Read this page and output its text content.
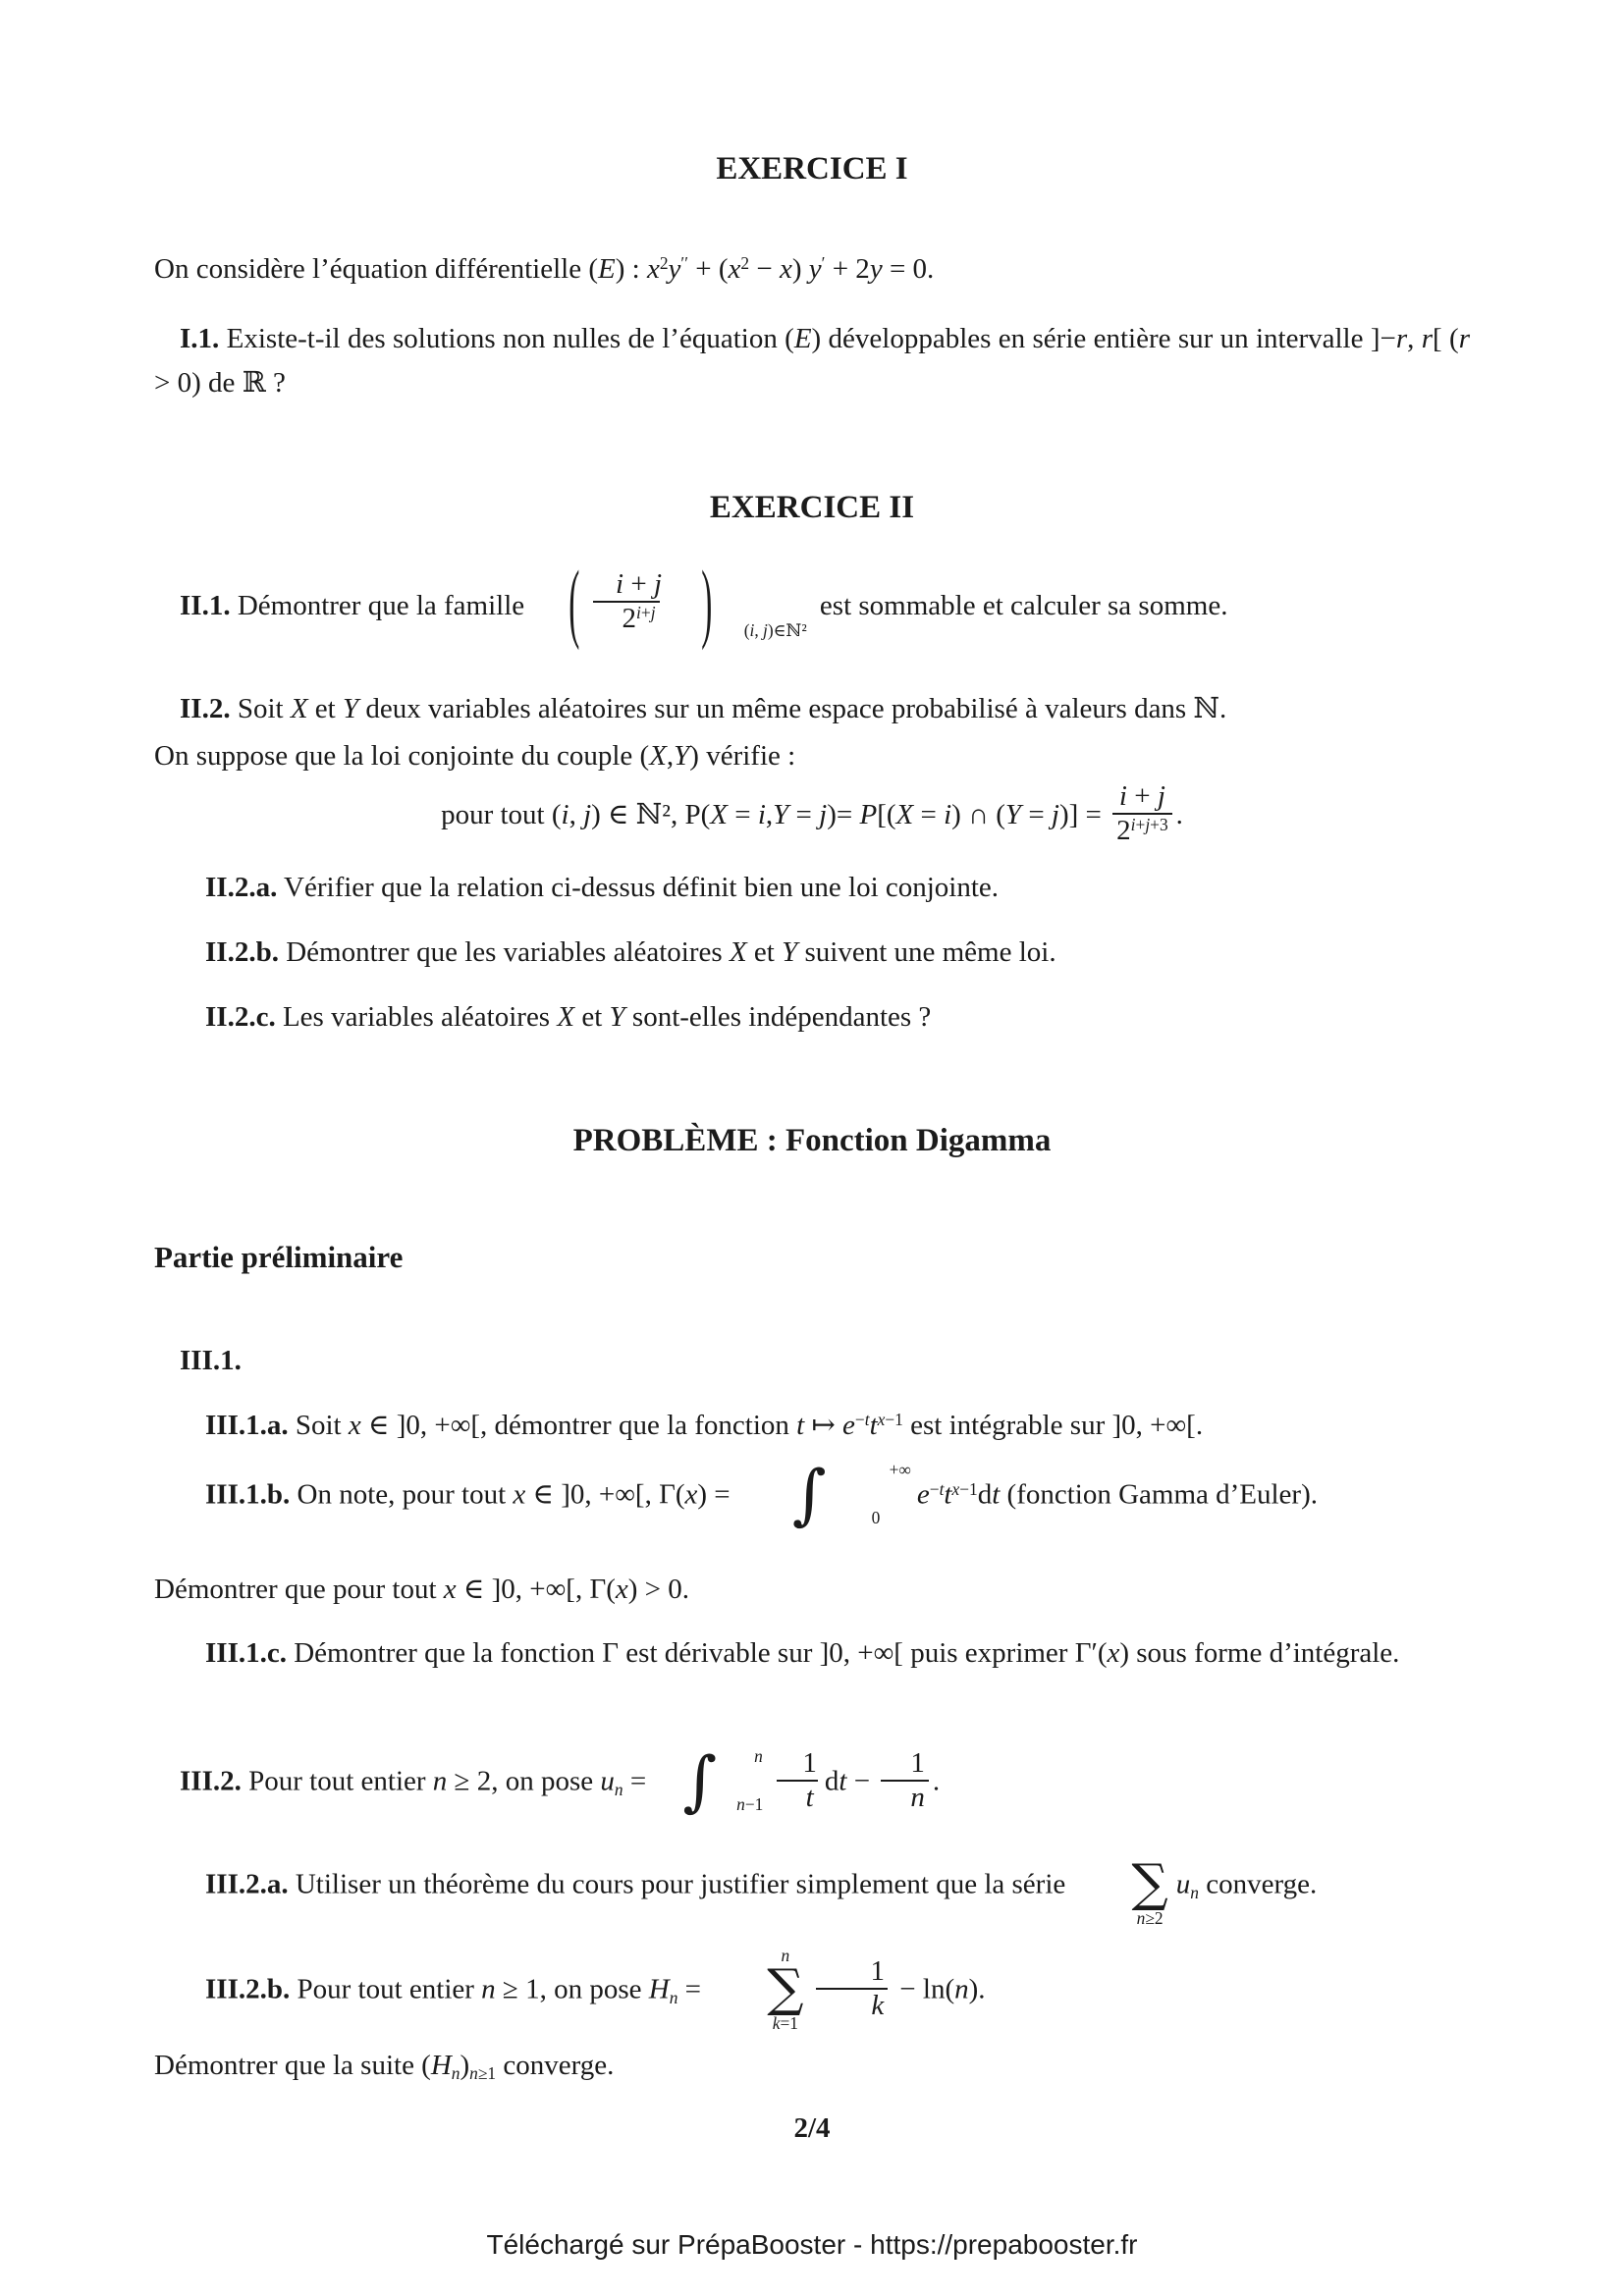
EXERCICE I
On considère l’équation différentielle (E) : $x^2y'' + (x^2 - x) y' + 2y = 0$.
I.1. Existe-t-il des solutions non nulles de l’équation (E) développables en série entière sur un intervalle ]−r, r[ (r > 0) de ℝ ?
EXERCICE II
II.1. Démontrer que la famille	( $\frac{i + j}{2^{i+j}}$	)	(i, j)∈ℕ²
est sommable et calculer sa somme.
II.2. Soit X et Y deux variables aléatoires sur un même espace probabilisé à valeurs dans ℕ.
On suppose que la loi conjointe du couple (X,Y) vérifie :
pour tout (i, j) ∈ ℕ², P(X = i,Y = j)= P[(X = i) ∩ $(Y = j)] = \frac{i + j}{2^{i+j+3}}$ .
II.2.a. Vérifier que la relation ci-dessus définit bien une loi conjointe.
II.2.b. Démontrer que les variables aléatoires X et Y suivent une même loi.
II.2.c. Les variables aléatoires X et Y sont-elles indépendantes ?
PROBLÈME : Fonction Digamma
Partie préliminaire
III.1.
III.1.a. Soit x ∈ ]0, +∞[, démontrer que la fonction t ↦ $e^{-t}t^{x-1}$ est intégrable sur ]0, +∞[.
III.1.b. On note, pour tout x ∈ ]0, +∞[, Γ(x) = ∫	+∞
0
$e^{-t}t^{x-1}dt$ (fonction Gamma d’Euler).
Démontrer que pour tout x ∈ ]0, +∞[, Γ(x) > 0.
III.1.c. Démontrer que la fonction Γ est dérivable sur ]0, +∞[ puis exprimer Γ′(x) sous forme d’intégrale.
III.2. Pour tout entier n ≥ 2, on pose un = ∫	n
$n-1 \frac{1}{t}$ dt − $\frac{1}{n}$ .
III.2.a. Utiliser un théorème du cours pour justifier simplement que la série	∑
n≥2
un converge.
III.2.b. Pour tout entier n ≥ 1, on pose Hn =
n
∑
k=1
$\frac{1}{k} - \ln(n)$.
Démontrer que la suite (Hn)n≥1 converge.
2/4
Téléchargé sur PrépaBooster - https://prepabooster.fr
